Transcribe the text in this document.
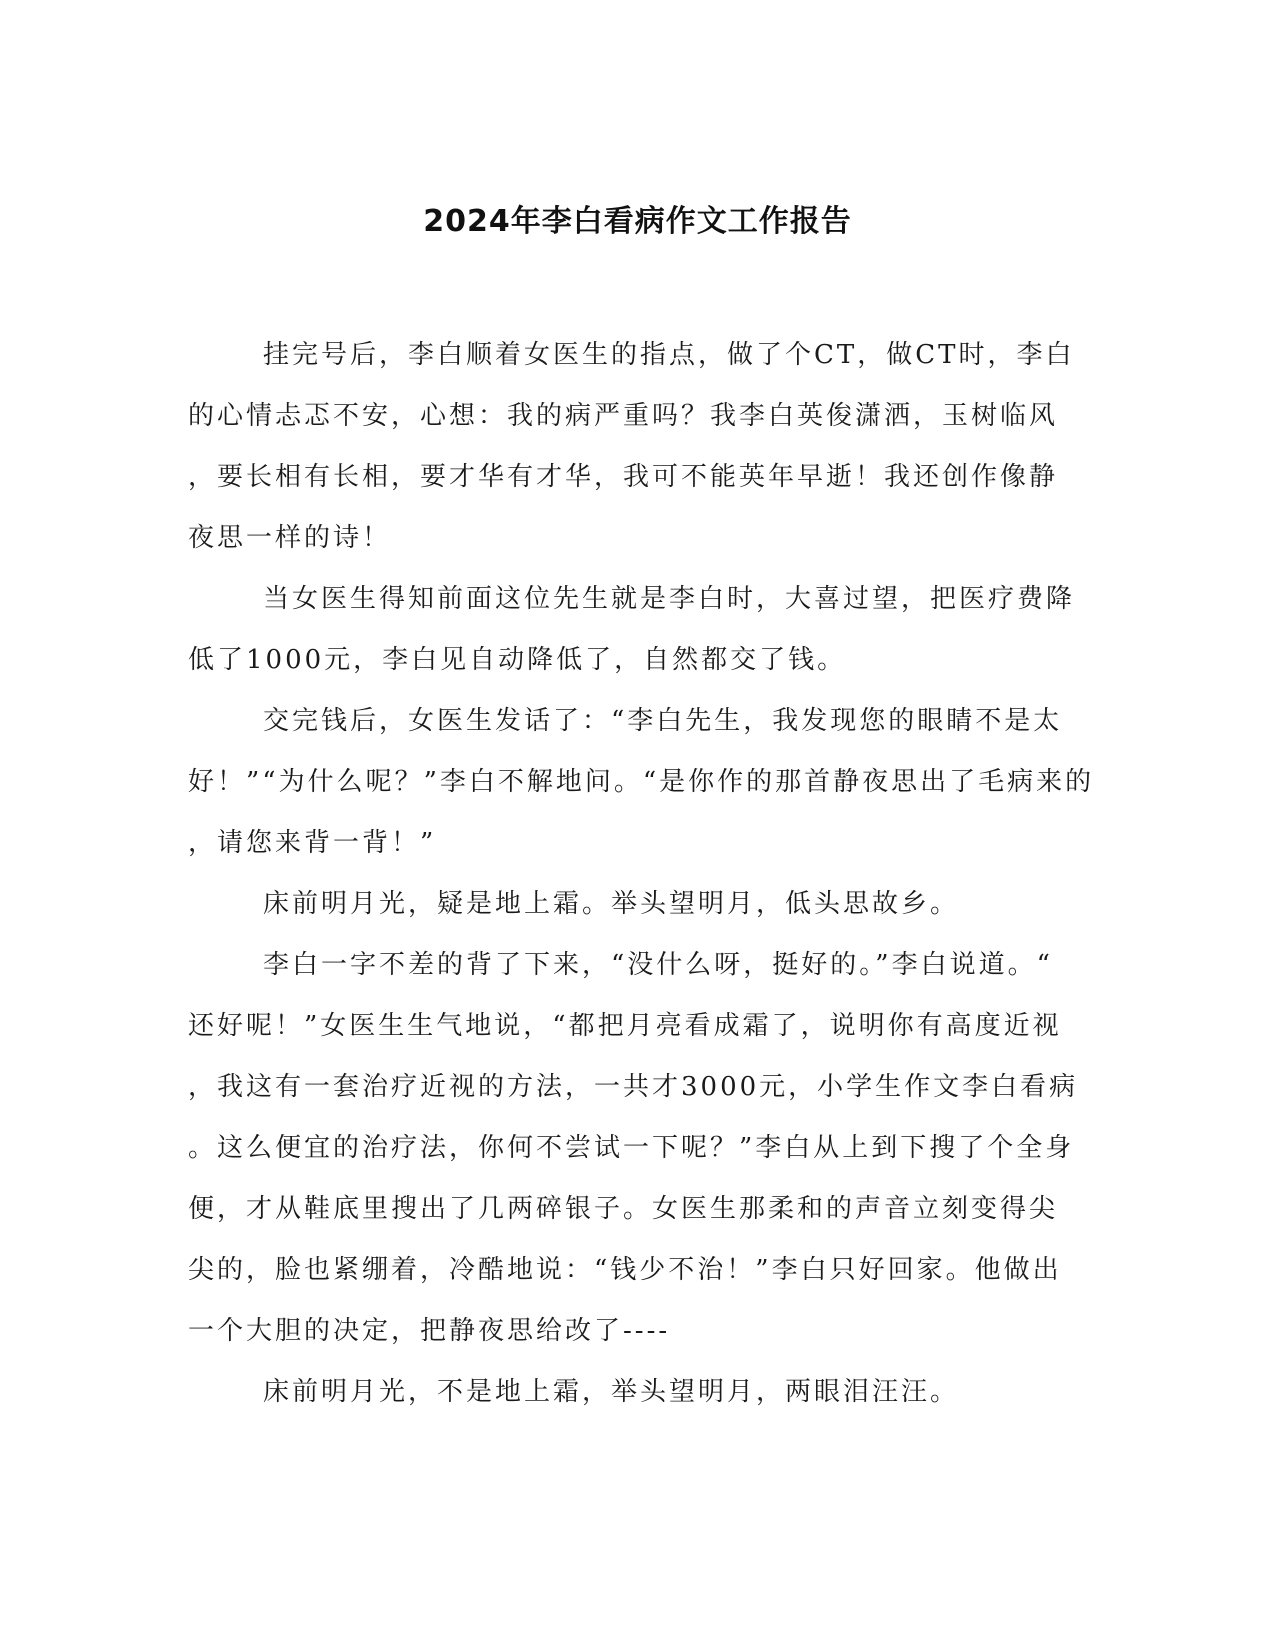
2024年李白看病作文工作报告
挂完号后，李白顺着女医生的指点，做了个CT，做CT时，李白
的心情忐忑不安，心想：我的病严重吗？我李白英俊潇洒，玉树临风
，要长相有长相，要才华有才华，我可不能英年早逝！我还创作像静
夜思一样的诗！
当女医生得知前面这位先生就是李白时，大喜过望，把医疗费降
低了1000元，李白见自动降低了，自然都交了钱。
交完钱后，女医生发话了：“李白先生，我发现您的眼睛不是太
好！”“为什么呢？”李白不解地问。“是你作的那首静夜思出了毛病来的
，请您来背一背！”
床前明月光，疑是地上霜。举头望明月，低头思故乡。
李白一字不差的背了下来，“没什么呀，挺好的。”李白说道。“
还好呢！”女医生生气地说，“都把月亮看成霜了，说明你有高度近视
，我这有一套治疗近视的方法，一共才3000元，小学生作文李白看病
。这么便宜的治疗法，你何不尝试一下呢？”李白从上到下搜了个全身
便，才从鞋底里搜出了几两碎银子。女医生那柔和的声音立刻变得尖
尖的，脸也紧绷着，冷酷地说：“钱少不治！”李白只好回家。他做出
一个大胆的决定，把静夜思给改了----
床前明月光，不是地上霜，举头望明月，两眼泪汪汪。
